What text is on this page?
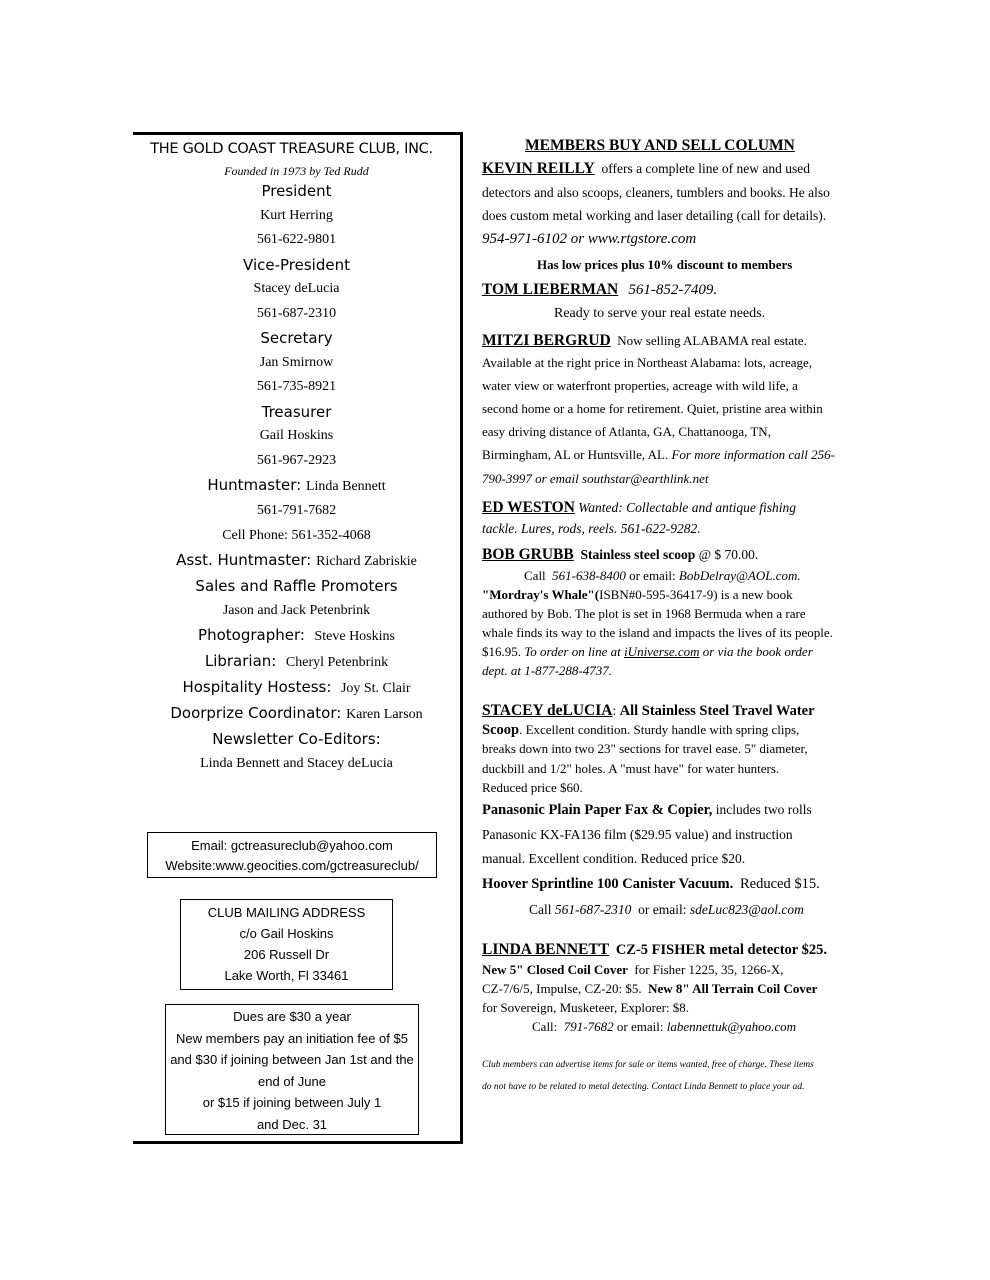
THE GOLD COAST TREASURE CLUB, INC.
Founded in 1973 by Ted Rudd
President
Kurt Herring
561-622-9801
Vice-President
Stacey deLucia
561-687-2310
Secretary
Jan Smirnow
561-735-8921
Treasurer
Gail Hoskins
561-967-2923
Huntmaster: Linda Bennett
561-791-7682
Cell Phone: 561-352-4068
Asst. Huntmaster: Richard Zabriskie
Sales and Raffle Promoters
Jason and Jack Petenbrink
Photographer:  Steve Hoskins
Librarian:  Cheryl Petenbrink
Hospitality Hostess:  Joy St. Clair
Doorprize Coordinator: Karen Larson
Newsletter Co-Editors:
Linda Bennett and Stacey deLucia
Email: gctreasureclub@yahoo.com
Website:www.geocities.com/gctreasureclub/
CLUB MAILING ADDRESS
c/o Gail Hoskins
206 Russell Dr
Lake Worth, Fl 33461
Dues are $30 a year
New members pay an initiation fee of $5
and $30 if joining between Jan 1st and the
end of June
or $15 if joining between July 1
and Dec. 31
MEMBERS BUY AND SELL COLUMN
KEVIN REILLY offers a complete line of new and used
detectors and also scoops, cleaners, tumblers and books. He also
does custom metal working and laser detailing (call for details).
954-971-6102 or www.rtgstore.com
Has low prices plus 10% discount to members
TOM LIEBERMAN 561-852-7409.
Ready to serve your real estate needs.
MITZI BERGRUD Now selling ALABAMA real estate.
Available at the right price in Northeast Alabama: lots, acreage,
water view or waterfront properties, acreage with wild life, a
second home or a home for retirement. Quiet, pristine area within
easy driving distance of Atlanta, GA, Chattanooga, TN,
Birmingham, AL or Huntsville, AL. For more information call 256-
790-3997 or email southstar@earthlink.net
ED WESTON Wanted: Collectable and antique fishing
tackle. Lures, rods, reels. 561-622-9282.
BOB GRUBB Stainless steel scoop @ $ 70.00.
Call 561-638-8400 or email: BobDelray@AOL.com.
"Mordray's Whale"(ISBN#0-595-36417-9) is a new book
authored by Bob. The plot is set in 1968 Bermuda when a rare
whale finds its way to the island and impacts the lives of its people.
$16.95. To order on line at iUniverse.com or via the book order
dept. at 1-877-288-4737.
STACEY deLUCIA: All Stainless Steel Travel Water
Scoop. Excellent condition. Sturdy handle with spring clips,
breaks down into two 23" sections for travel ease. 5" diameter,
duckbill and 1/2" holes. A "must have" for water hunters.
Reduced price $60.
Panasonic Plain Paper Fax & Copier, includes two rolls
Panasonic KX-FA136 film ($29.95 value) and instruction
manual. Excellent condition. Reduced price $20.
Hoover Sprintline 100 Canister Vacuum. Reduced $15.
Call 561-687-2310 or email: sdeLuc823@aol.com
LINDA BENNETT CZ-5 FISHER metal detector $25.
New 5" Closed Coil Cover for Fisher 1225, 35, 1266-X,
CZ-7/6/5, Impulse, CZ-20: $5. New 8" All Terrain Coil Cover
for Sovereign, Musketeer, Explorer: $8.
Call: 791-7682 or email: labennettuk@yahoo.com
Club members can advertise items for sale or items wanted, free of charge. These items
do not have to be related to metal detecting. Contact Linda Bennett to place your ad.
